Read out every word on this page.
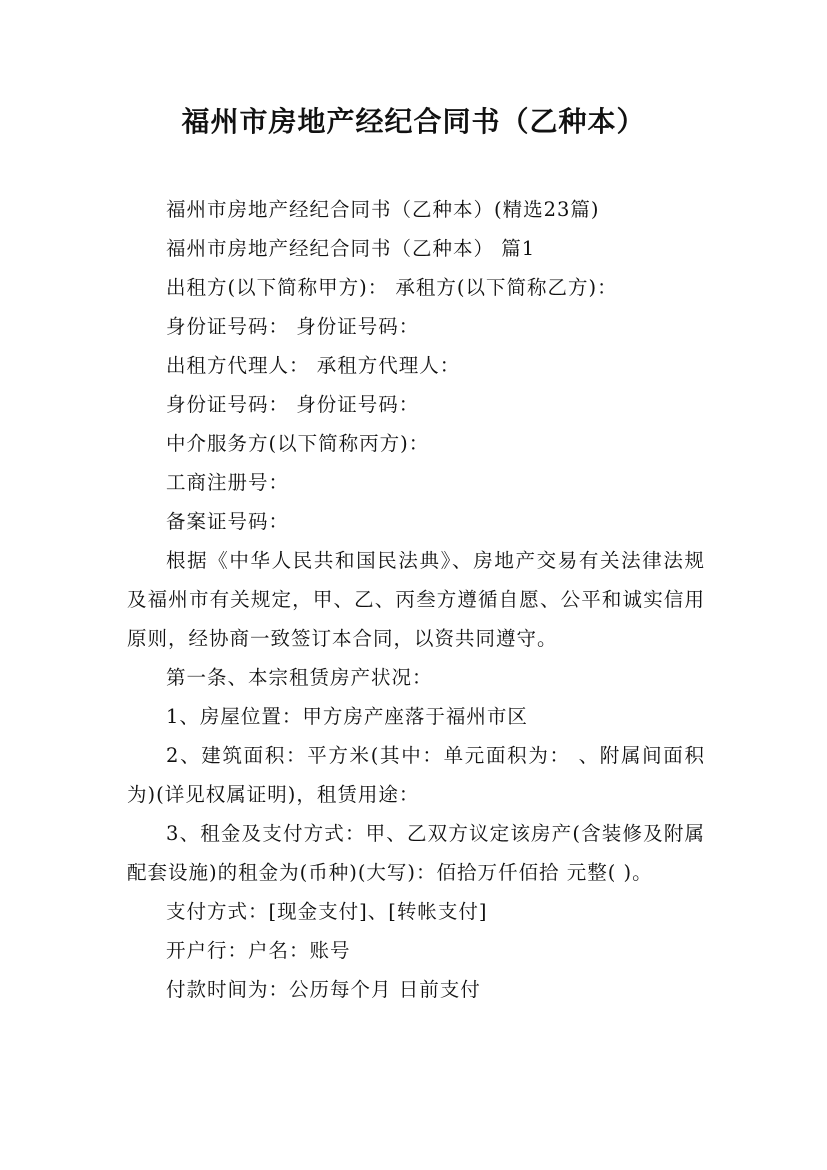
福州市房地产经纪合同书（乙种本）

福州市房地产经纪合同书（乙种本）(精选23篇)

福州市房地产经纪合同书（乙种本） 篇1

出租方(以下简称甲方)： 承租方(以下简称乙方)：

身份证号码： 身份证号码：

出租方代理人： 承租方代理人：

身份证号码： 身份证号码：

中介服务方(以下简称丙方)：

工商注册号：

备案证号码：

根据《中华人民共和国民法典》、房地产交易有关法律法规及福州市有关规定，甲、乙、丙叁方遵循自愿、公平和诚实信用原则，经协商一致签订本合同，以资共同遵守。

第一条、本宗租赁房产状况：

1、房屋位置：甲方房产座落于福州市区

2、建筑面积：平方米(其中：单元面积为： 、附属间面积为)(详见权属证明)，租赁用途：

3、租金及支付方式：甲、乙双方议定该房产(含装修及附属配套设施)的租金为(币种)(大写)：佰拾万仟佰拾 元整( )。

支付方式：[现金支付]、[转帐支付]

开户行：户名：账号

付款时间为：公历每个月 日前支付
